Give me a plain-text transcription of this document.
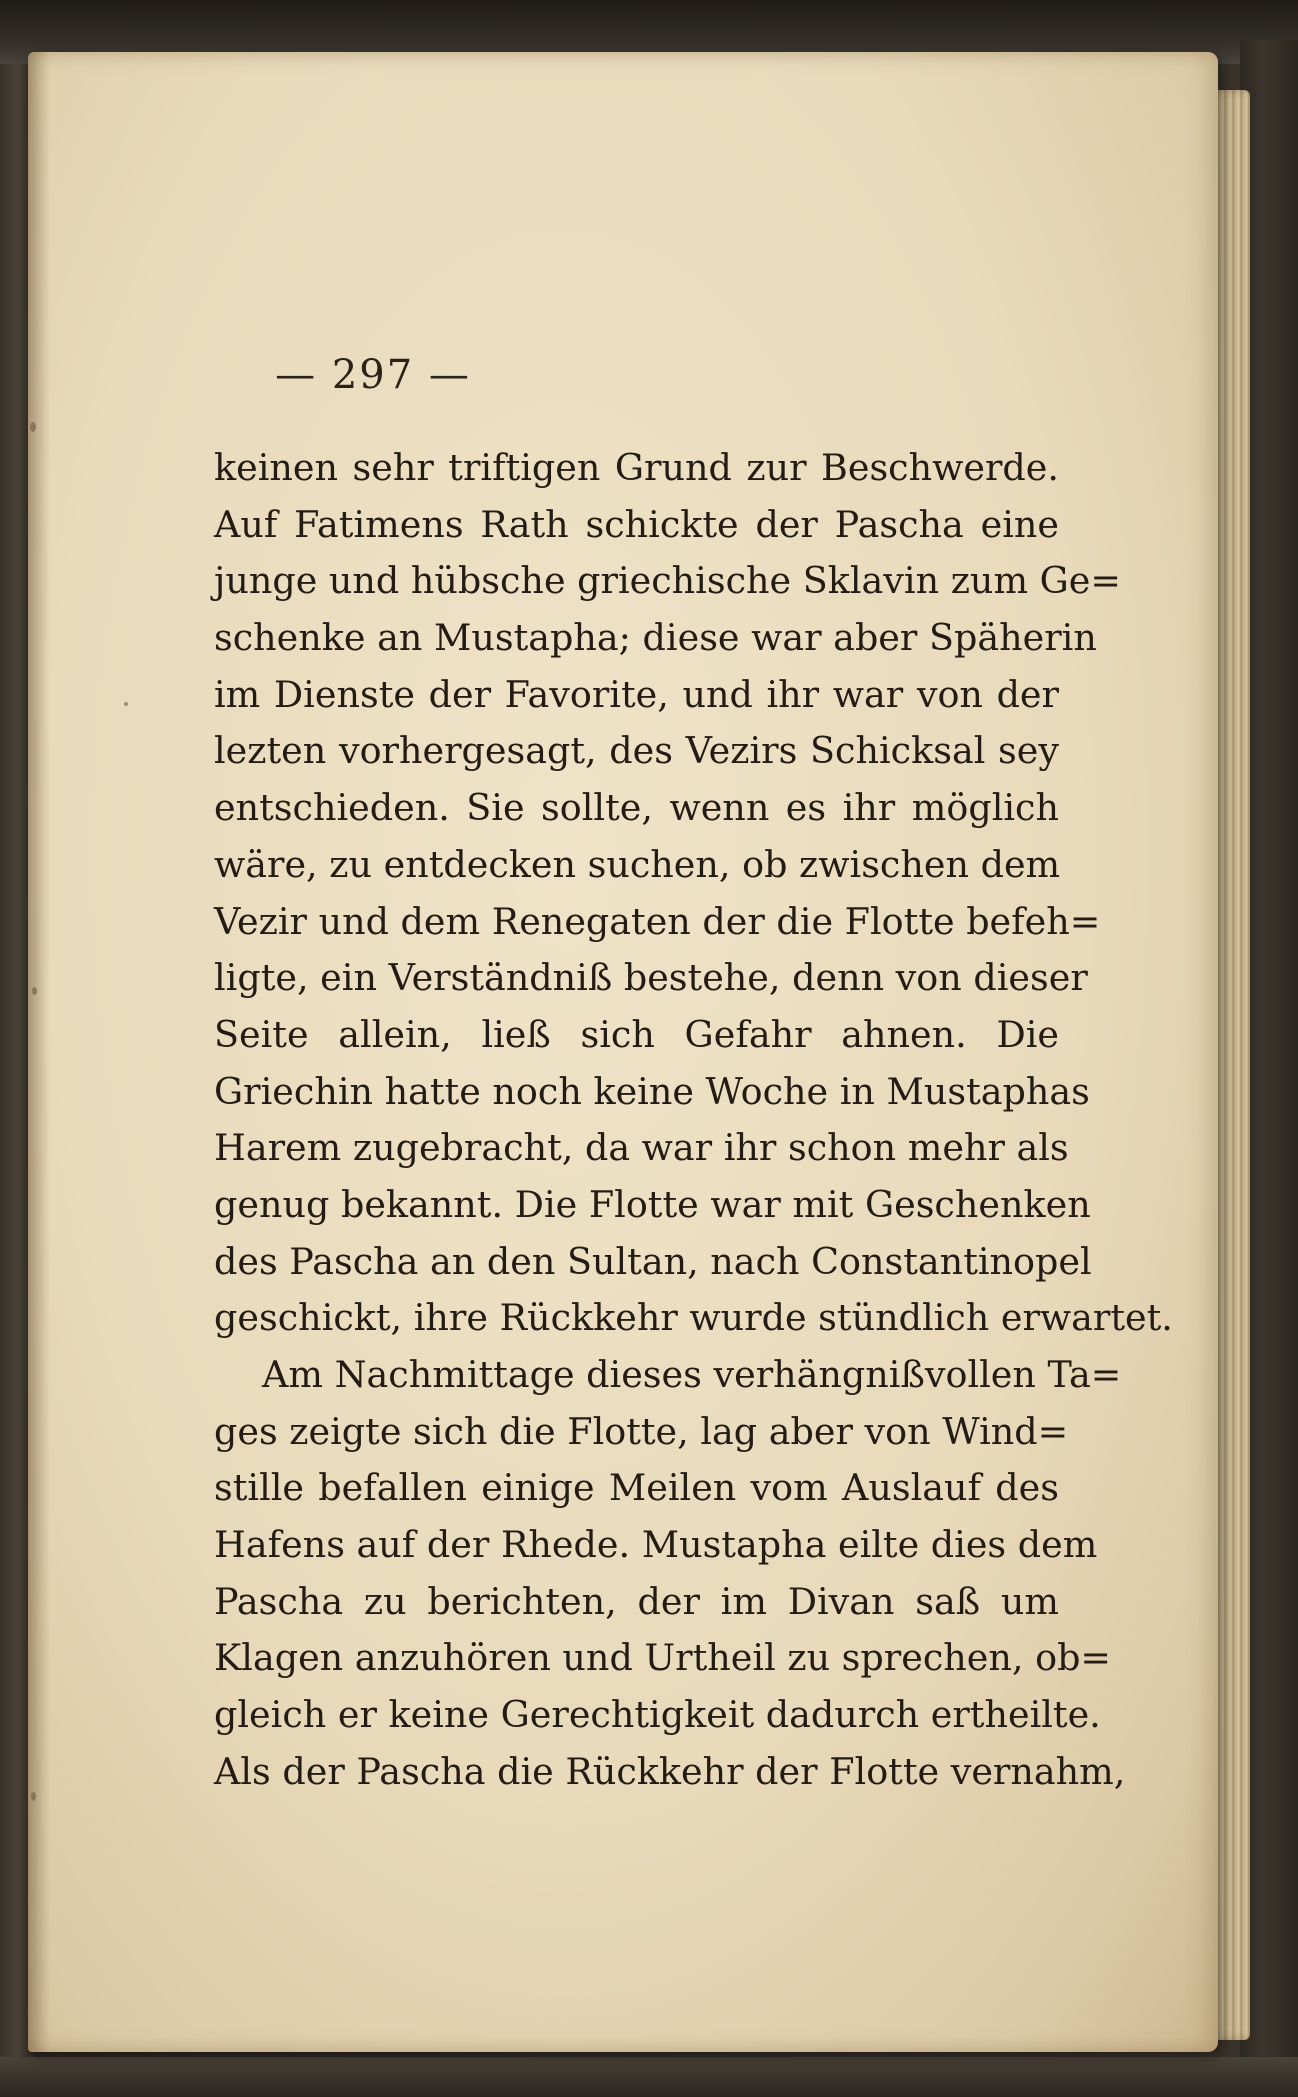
— 297 —
keinen sehr triftigen Grund zur Beschwerde.
Auf Fatimens Rath schickte der Pascha eine
junge und hübsche griechische Sklavin zum Ge=
schenke an Mustapha; diese war aber Späherin
im Dienste der Favorite, und ihr war von der
lezten vorhergesagt, des Vezirs Schicksal sey
entschieden. Sie sollte, wenn es ihr möglich
wäre, zu entdecken suchen, ob zwischen dem
Vezir und dem Renegaten der die Flotte befeh=
ligte, ein Verständniß bestehe, denn von dieser
Seite allein, ließ sich Gefahr ahnen. Die
Griechin hatte noch keine Woche in Mustaphas
Harem zugebracht, da war ihr schon mehr als
genug bekannt. Die Flotte war mit Geschenken
des Pascha an den Sultan, nach Constantinopel
geschickt, ihre Rückkehr wurde stündlich erwartet.
Am Nachmittage dieses verhängnißvollen Ta=
ges zeigte sich die Flotte, lag aber von Wind=
stille befallen einige Meilen vom Auslauf des
Hafens auf der Rhede. Mustapha eilte dies dem
Pascha zu berichten, der im Divan saß um
Klagen anzuhören und Urtheil zu sprechen, ob=
gleich er keine Gerechtigkeit dadurch ertheilte.
Als der Pascha die Rückkehr der Flotte vernahm,
